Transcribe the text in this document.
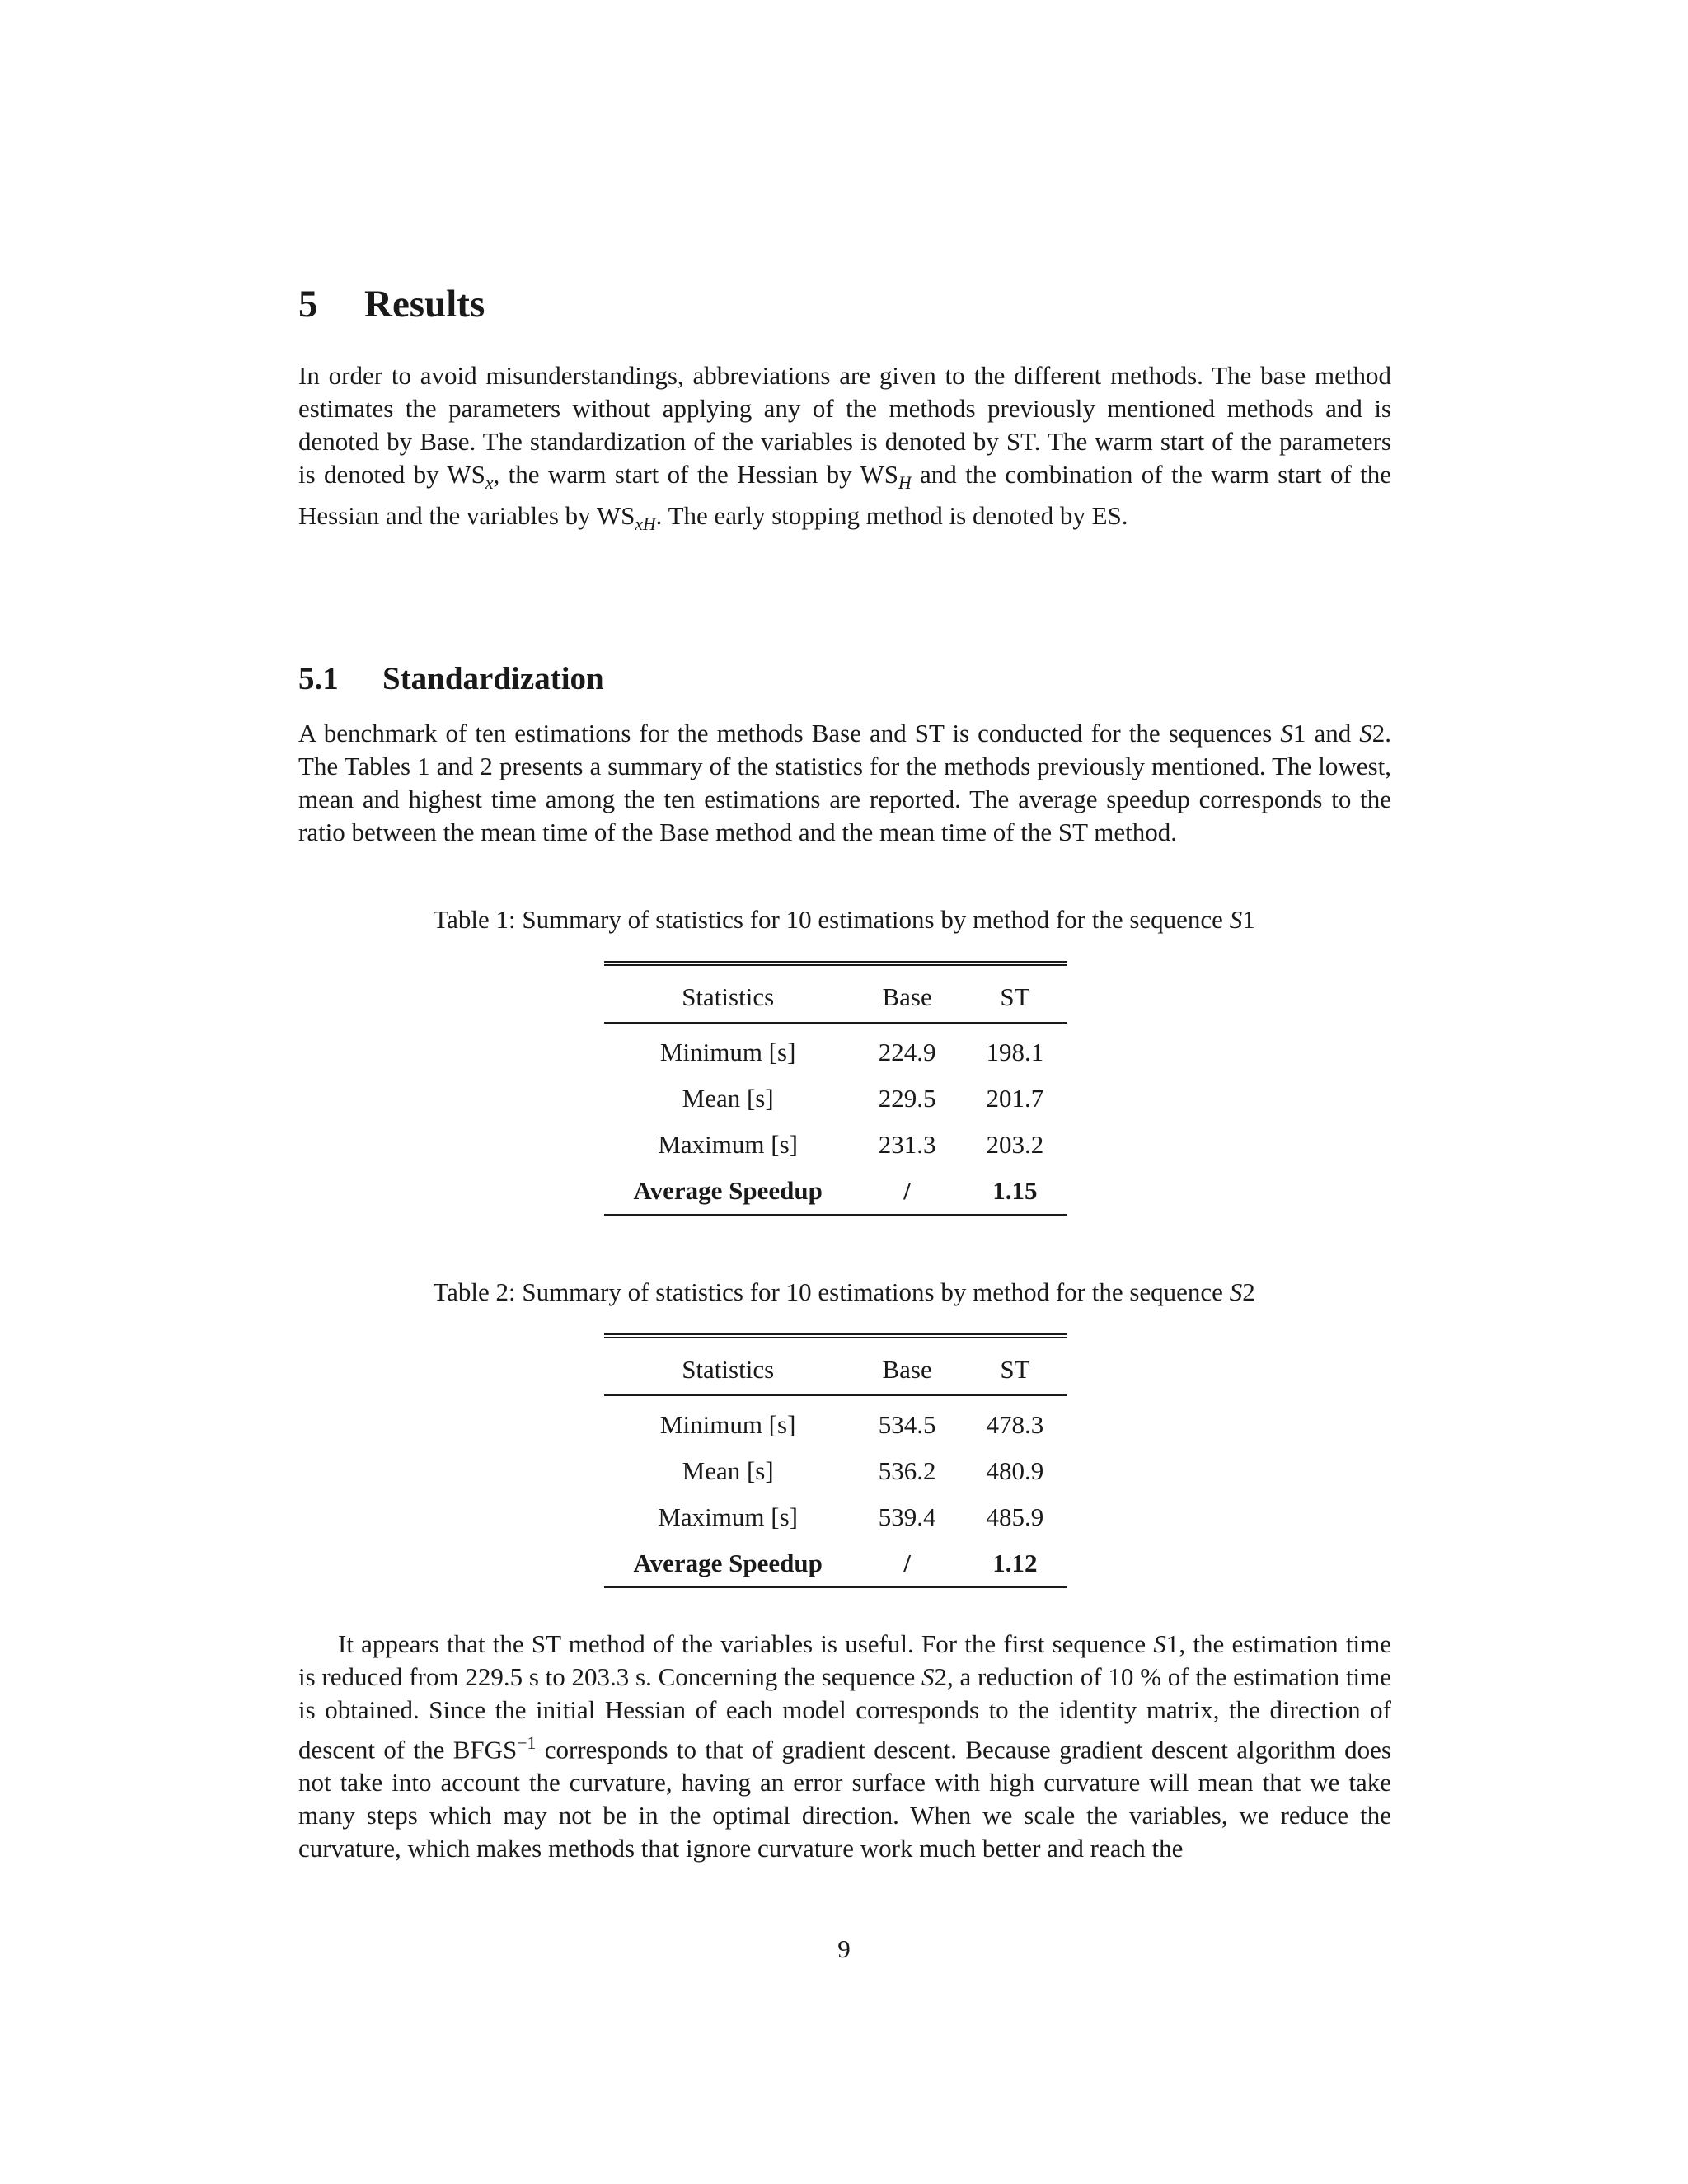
5 Results

In order to avoid misunderstandings, abbreviations are given to the different methods. The base method estimates the parameters without applying any of the methods previously mentioned methods and is denoted by Base. The standardization of the variables is denoted by ST. The warm start of the parameters is denoted by $WS_x$, the warm start of the Hessian by $WS_H$ and the combination of the warm start of the Hessian and the variables by $WS_{xH}$. The early stopping method is denoted by ES.

5.1 Standardization

A benchmark of ten estimations for the methods Base and ST is conducted for the sequences S1 and S2. The Tables 1 and 2 presents a summary of the statistics for the methods previously mentioned. The lowest, mean and highest time among the ten estimations are reported. The average speedup corresponds to the ratio between the mean time of the Base method and the mean time of the ST method.

Table 1: Summary of statistics for 10 estimations by method for the sequence S1

Statistics	Base	ST
Minimum [s]	224.9	198.1
Mean [s]	229.5	201.7
Maximum [s]	231.3	203.2
Average Speedup	/	1.15

Table 2: Summary of statistics for 10 estimations by method for the sequence S2

Statistics	Base	ST
Minimum [s]	534.5	478.3
Mean [s]	536.2	480.9
Maximum [s]	539.4	485.9
Average Speedup	/	1.12

It appears that the ST method of the variables is useful. For the first sequence S1, the estimation time is reduced from 229.5 s to 203.3 s. Concerning the sequence S2, a reduction of 10 % of the estimation time is obtained. Since the initial Hessian of each model corresponds to the identity matrix, the direction of descent of the $BFGS^{-1}$ corresponds to that of gradient descent. Because gradient descent algorithm does not take into account the curvature, having an error surface with high curvature will mean that we take many steps which may not be in the optimal direction. When we scale the variables, we reduce the curvature, which makes methods that ignore curvature work much better and reach the

9
